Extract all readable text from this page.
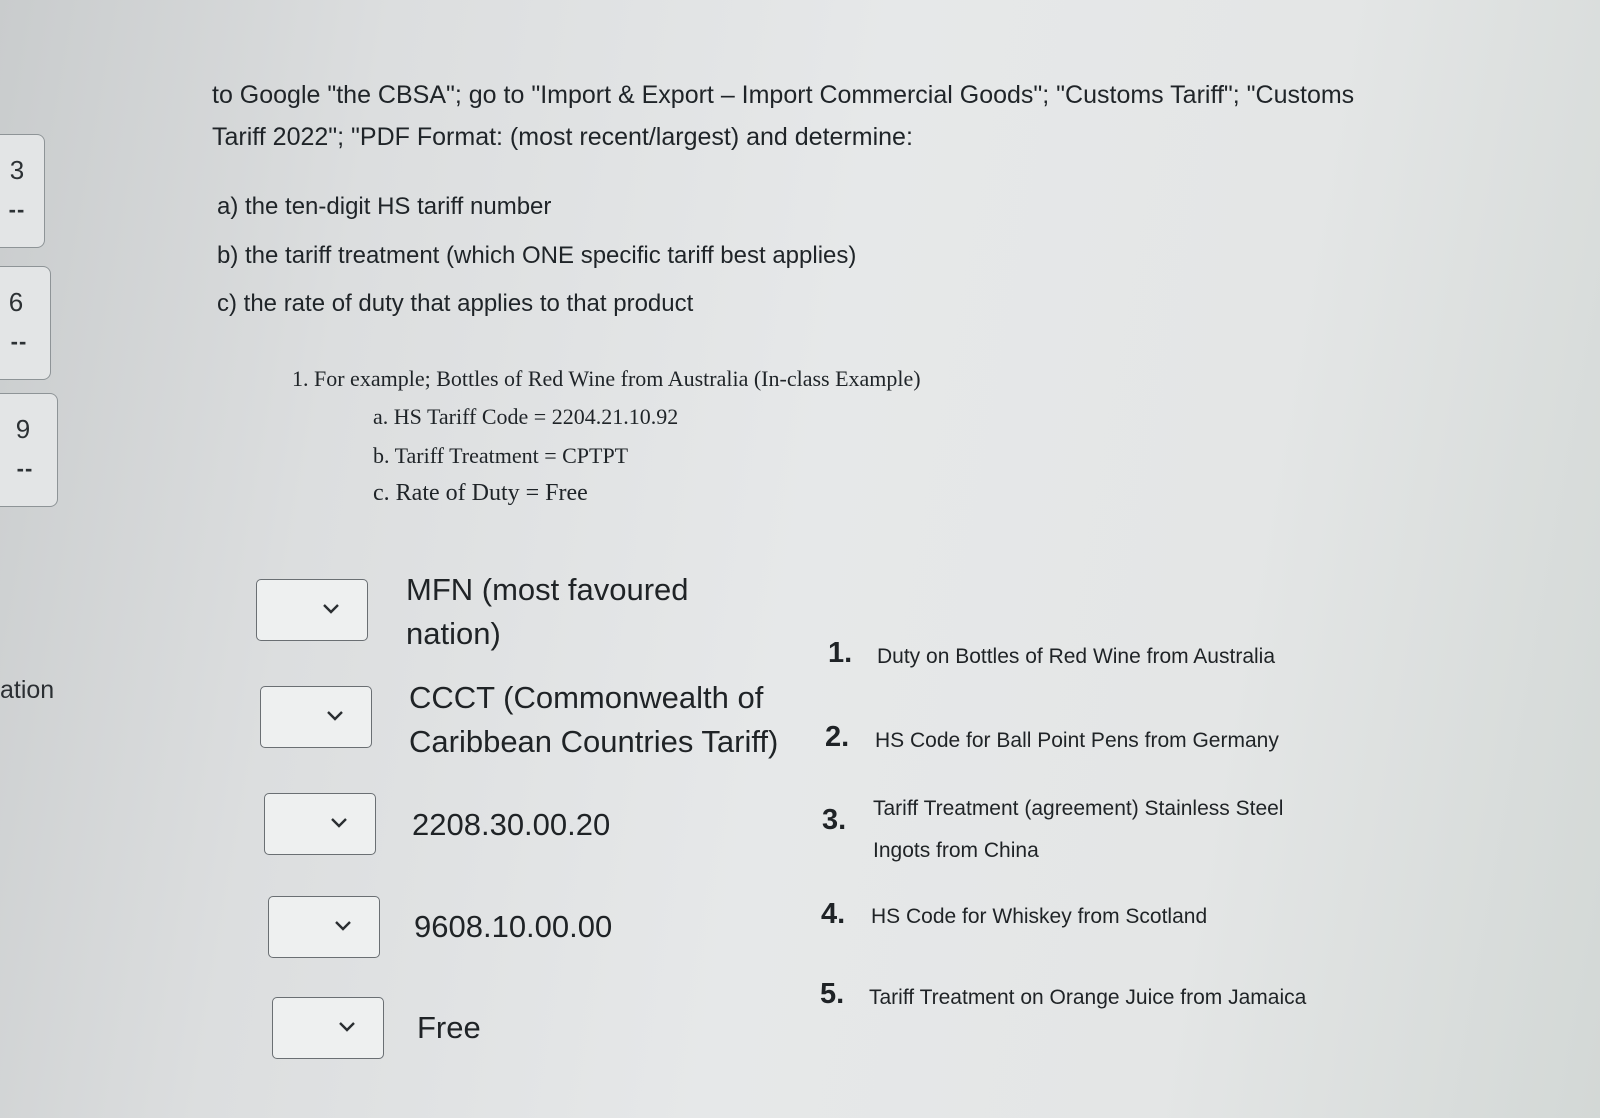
to Google "the CBSA"; go to "Import & Export – Import Commercial Goods"; "Customs Tariff"; "Customs
Tariff 2022"; "PDF Format: (most recent/largest) and determine:
a) the ten-digit HS tariff number
b) the tariff treatment (which ONE specific tariff best applies)
c) the rate of duty that applies to that product
1. For example; Bottles of Red Wine from Australia (In-class Example)
a. HS Tariff Code = 2204.21.10.92
b. Tariff Treatment = CPTPT
c. Rate of Duty = Free
3
--
6
--
9
--
ation
MFN (most favoured
nation)
CCCT (Commonwealth of
Caribbean Countries Tariff)
2208.30.00.20
9608.10.00.00
Free
1. Duty on Bottles of Red Wine from Australia
2. HS Code for Ball Point Pens from Germany
3. Tariff Treatment (agreement) Stainless Steel
Ingots from China
4. HS Code for Whiskey from Scotland
5. Tariff Treatment on Orange Juice from Jamaica
